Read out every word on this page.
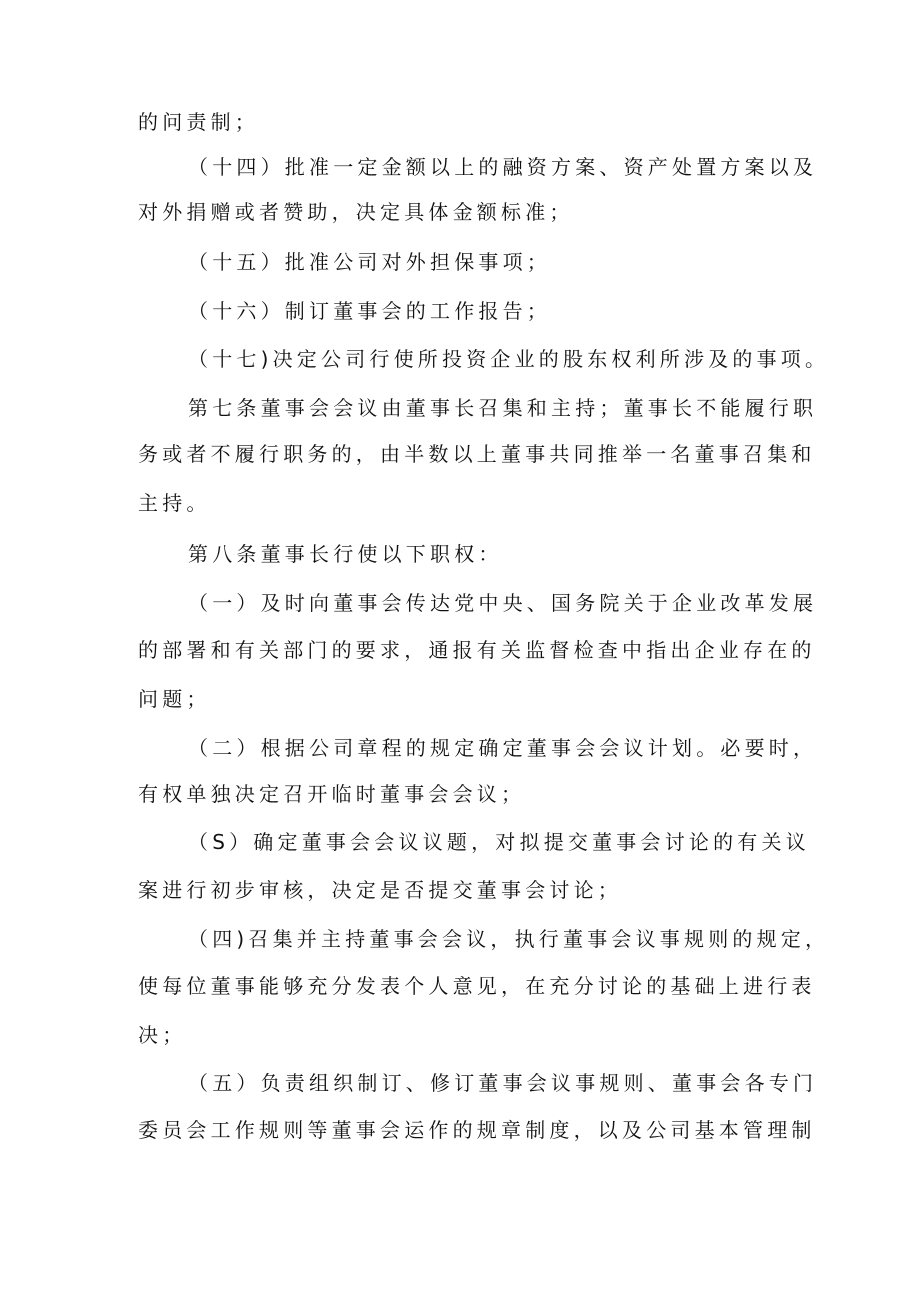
的问责制；
（十四）批准一定金额以上的融资方案、资产处置方案以及
对外捐赠或者赞助，决定具体金额标准；
（十五）批准公司对外担保事项；
（十六）制订董事会的工作报告；
（十七)决定公司行使所投资企业的股东权利所涉及的事项。
第七条董事会会议由董事长召集和主持；董事长不能履行职
务或者不履行职务的，由半数以上董事共同推举一名董事召集和
主持。
第八条董事长行使以下职权：
（一）及时向董事会传达党中央、国务院关于企业改革发展
的部署和有关部门的要求，通报有关监督检查中指出企业存在的
问题；
（二）根据公司章程的规定确定董事会会议计划。必要时，
有权单独决定召开临时董事会会议；
（S）确定董事会会议议题，对拟提交董事会讨论的有关议
案进行初步审核，决定是否提交董事会讨论；
（四)召集并主持董事会会议，执行董事会议事规则的规定，
使每位董事能够充分发表个人意见，在充分讨论的基础上进行表
决；
（五）负责组织制订、修订董事会议事规则、董事会各专门
委员会工作规则等董事会运作的规章制度，以及公司基本管理制
